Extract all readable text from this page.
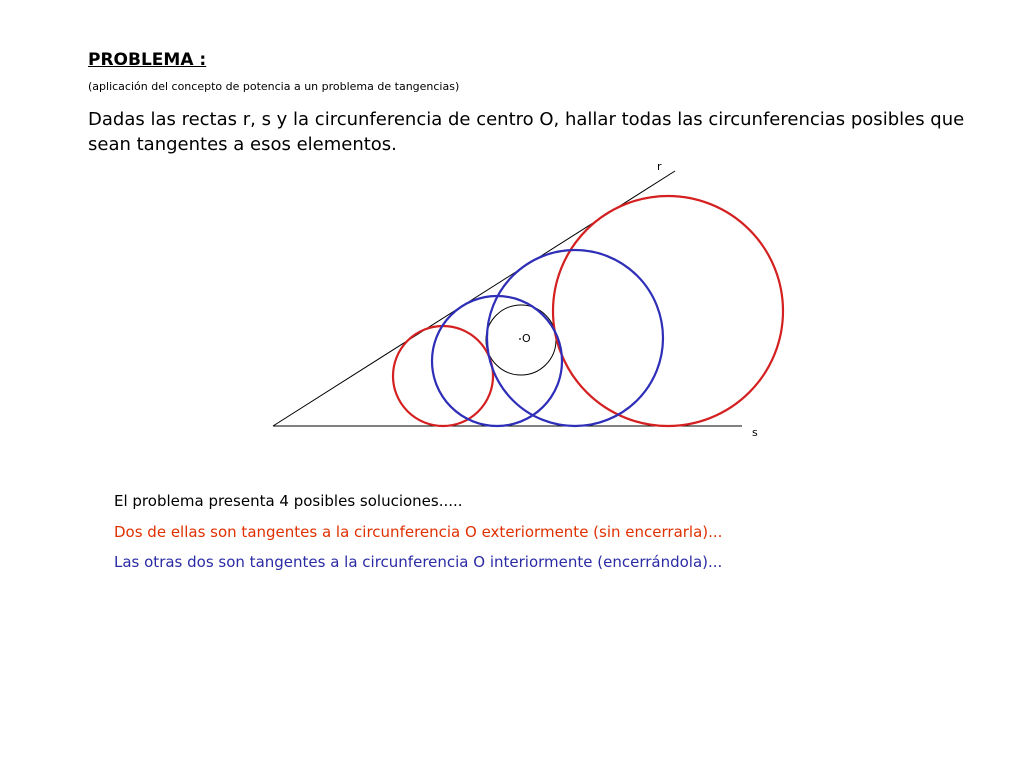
PROBLEMA :
(aplicación del concepto de potencia a un problema de tangencias)
Dadas las rectas r, s y la circunferencia de centro O, hallar todas las circunferencias posibles que sean tangentes a esos elementos.
r
s
O
El problema presenta 4 posibles soluciones.....
Dos de ellas son tangentes a la circunferencia O exteriormente (sin encerrarla)...
Las otras dos son tangentes a la circunferencia O interiormente (encerrándola)...
